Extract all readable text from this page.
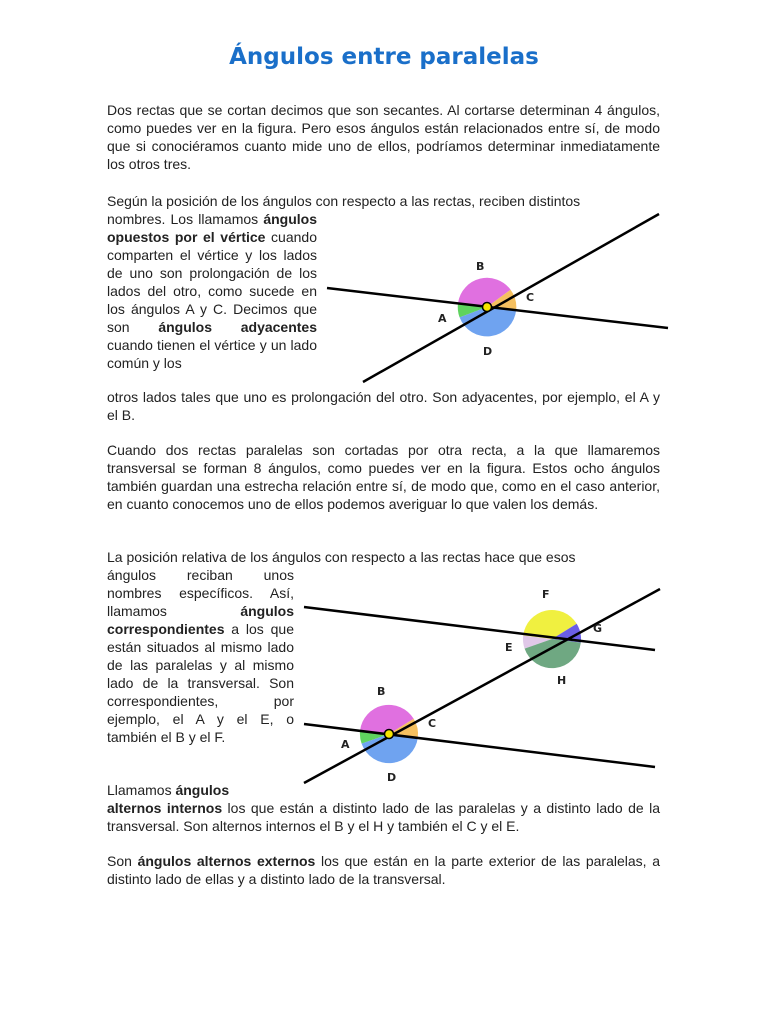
Ángulos entre paralelas

Dos rectas que se cortan decimos que son secantes. Al cortarse determinan 4 ángulos, como puedes ver en la figura. Pero esos ángulos están relacionados entre sí, de modo que si conociéramos cuanto mide uno de ellos, podríamos determinar inmediatamente los otros tres.

Según la posición de los ángulos con respecto a las rectas, reciben distintos

nombres. Los llamamos ángulos opuestos por el vértice cuando comparten el vértice y los lados de uno son prolongación de los lados del otro, como sucede en los ángulos A y C. Decimos que son ángulos adyacentes cuando tienen el vértice y un lado común y los

otros lados tales que uno es prolongación del otro. Son adyacentes, por ejemplo, el A y el B.

B
C
A
D

Cuando dos rectas paralelas son cortadas por otra recta, a la que llamaremos transversal se forman 8 ángulos, como puedes ver en la figura. Estos ocho ángulos también guardan una estrecha relación entre sí, de modo que, como en el caso anterior, en cuanto conocemos uno de ellos podemos averiguar lo que valen los demás.

La posición relativa de los ángulos con respecto a las rectas hace que esos

ángulos reciban unos nombres específicos. Así, llamamos ángulos correspondientes a los que están situados al mismo lado de las paralelas y al mismo lado de la transversal. Son correspondientes, por ejemplo, el A y el E, o también el B y el F.

F
G
E
H
B
C
A
D

Llamamos ángulos
alternos internos los que están a distinto lado de las paralelas y a distinto lado de la transversal. Son alternos internos el B y el H y también el C y el E.

Son ángulos alternos externos los que están en la parte exterior de las paralelas, a distinto lado de ellas y a distinto lado de la transversal.
